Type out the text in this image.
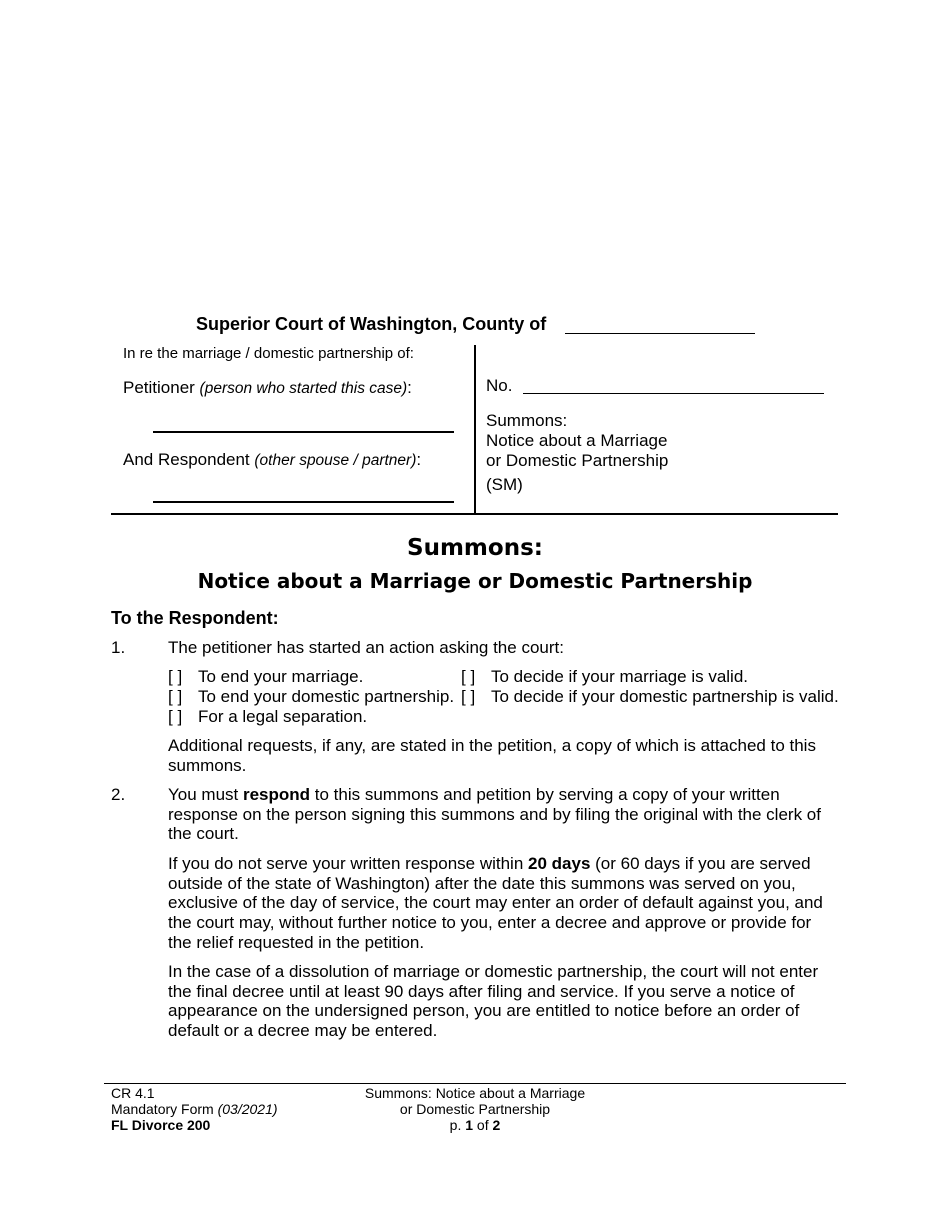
Superior Court of Washington, County of
In re the marriage / domestic partnership of:
Petitioner (person who started this case):
And Respondent (other spouse / partner):
No.
Summons:
Notice about a Marriage
or Domestic Partnership
(SM)
Summons:
Notice about a Marriage or Domestic Partnership
To the Respondent:
1.	The petitioner has started an action asking the court:
[ ] To end your marriage.	[ ] To decide if your marriage is valid.
[ ] To end your domestic partnership. [ ] To decide if your domestic partnership is valid.
[ ] For a legal separation.
Additional requests, if any, are stated in the petition, a copy of which is attached to this summons.
2.	You must respond to this summons and petition by serving a copy of your written response on the person signing this summons and by filing the original with the clerk of the court.
If you do not serve your written response within 20 days (or 60 days if you are served outside of the state of Washington) after the date this summons was served on you, exclusive of the day of service, the court may enter an order of default against you, and the court may, without further notice to you, enter a decree and approve or provide for the relief requested in the petition.
In the case of a dissolution of marriage or domestic partnership, the court will not enter the final decree until at least 90 days after filing and service. If you serve a notice of appearance on the undersigned person, you are entitled to notice before an order of default or a decree may be entered.
CR 4.1
Mandatory Form (03/2021)
FL Divorce 200
Summons: Notice about a Marriage
or Domestic Partnership
p. 1 of 2
